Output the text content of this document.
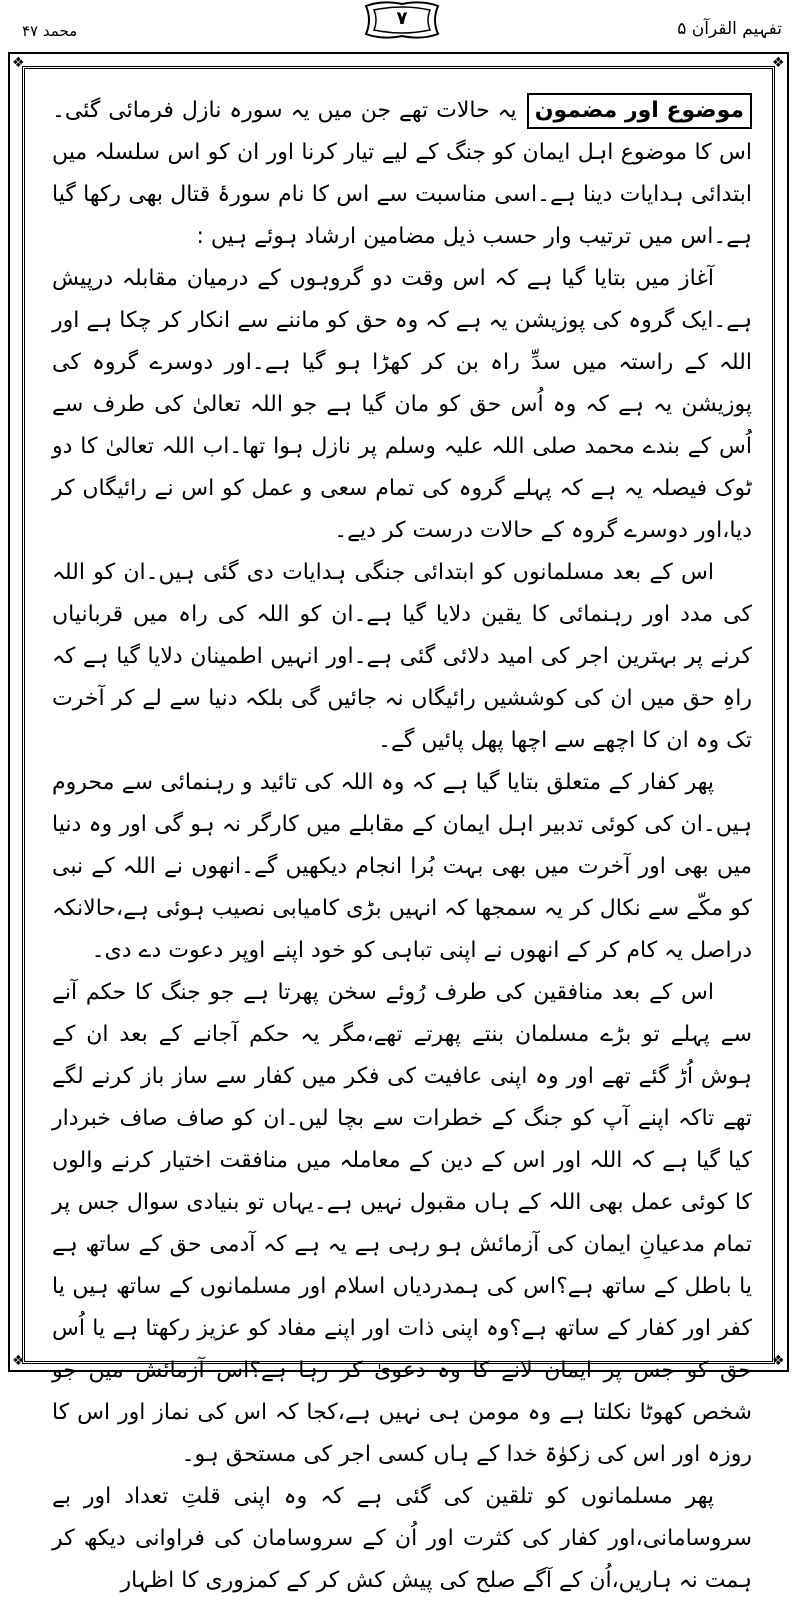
تفہیم القرآن ۵
۷
محمد ۴۷
❖	❖
❖	❖

موضوع اور مضمونیہ حالات تھے جن میں یہ سورہ نازل فرمائی گئی۔اس کا موضوع اہل ایمان کو جنگ کے لیے تیار کرنا اور ان کو اس سلسلہ میں ابتدائی ہدایات دینا ہے۔اسی مناسبت سے اس کا نام سورۂ قتال بھی رکھا گیا ہے۔اس میں ترتیب وار حسب ذیل مضامین ارشاد ہوئے ہیں :

آغاز میں بتایا گیا ہے کہ اس وقت دو گروہوں کے درمیان مقابلہ درپیش ہے۔ایک گروہ کی پوزیشن یہ ہے کہ وہ حق کو ماننے سے انکار کر چکا ہے اور اللہ کے راستہ میں سدِّ راہ بن کر کھڑا ہو گیا ہے۔اور دوسرے گروہ کی پوزیشن یہ ہے کہ وہ اُس حق کو مان گیا ہے جو اللہ تعالیٰ کی طرف سے اُس کے بندے محمد صلی اللہ علیہ وسلم پر نازل ہوا تھا۔اب اللہ تعالیٰ کا دو ٹوک فیصلہ یہ ہے کہ پہلے گروہ کی تمام سعی و عمل کو اس نے رائیگاں کر دیا،اور دوسرے گروہ کے حالات درست کر دیے۔

اس کے بعد مسلمانوں کو ابتدائی جنگی ہدایات دی گئی ہیں۔ان کو اللہ کی مدد اور رہنمائی کا یقین دلایا گیا ہے۔ان کو اللہ کی راہ میں قربانیاں کرنے پر بہترین اجر کی امید دلائی گئی ہے۔اور انہیں اطمینان دلایا گیا ہے کہ راہِ حق میں ان کی کوششیں رائیگاں نہ جائیں گی بلکہ دنیا سے لے کر آخرت تک وہ ان کا اچھے سے اچھا پھل پائیں گے۔

پھر کفار کے متعلق بتایا گیا ہے کہ وہ اللہ کی تائید و رہنمائی سے محروم ہیں۔ان کی کوئی تدبیر اہل ایمان کے مقابلے میں کارگر نہ ہو گی اور وہ دنیا میں بھی اور آخرت میں بھی بہت بُرا انجام دیکھیں گے۔انھوں نے اللہ کے نبی کو مکّے سے نکال کر یہ سمجھا کہ انہیں بڑی کامیابی نصیب ہوئی ہے،حالانکہ دراصل یہ کام کر کے انھوں نے اپنی تباہی کو خود اپنے اوپر دعوت دے دی۔

اس کے بعد منافقین کی طرف رُوئے سخن پھرتا ہے جو جنگ کا حکم آنے سے پہلے تو بڑے مسلمان بنتے پھرتے تھے،مگر یہ حکم آجانے کے بعد ان کے ہوش اُڑ گئے تھے اور وہ اپنی عافیت کی فکر میں کفار سے ساز باز کرنے لگے تھے تاکہ اپنے آپ کو جنگ کے خطرات سے بچا لیں۔ان کو صاف صاف خبردار کیا گیا ہے کہ اللہ اور اس کے دین کے معاملہ میں منافقت اختیار کرنے والوں کا کوئی عمل بھی اللہ کے ہاں مقبول نہیں ہے۔یہاں تو بنیادی سوال جس پر تمام مدعیانِ ایمان کی آزمائش ہو رہی ہے یہ ہے کہ آدمی حق کے ساتھ ہے یا باطل کے ساتھ ہے؟اس کی ہمدردیاں اسلام اور مسلمانوں کے ساتھ ہیں یا کفر اور کفار کے ساتھ ہے؟وہ اپنی ذات اور اپنے مفاد کو عزیز رکھتا ہے یا اُس حق کو جس پر ایمان لانے کا وہ دعویٰ کر رہا ہے؟اس آزمائش میں جو شخص کھوٹا نکلتا ہے وہ مومن ہی نہیں ہے،کجا کہ اس کی نماز اور اس کا روزہ اور اس کی زکوٰۃ خدا کے ہاں کسی اجر کی مستحق ہو۔

پھر مسلمانوں کو تلقین کی گئی ہے کہ وہ اپنی قلتِ تعداد اور بے سروسامانی،اور کفار کی کثرت اور اُن کے سروسامان کی فراوانی دیکھ کر ہمت نہ ہاریں،اُن کے آگے صلح کی پیش کش کر کے کمزوری کا اظہار
